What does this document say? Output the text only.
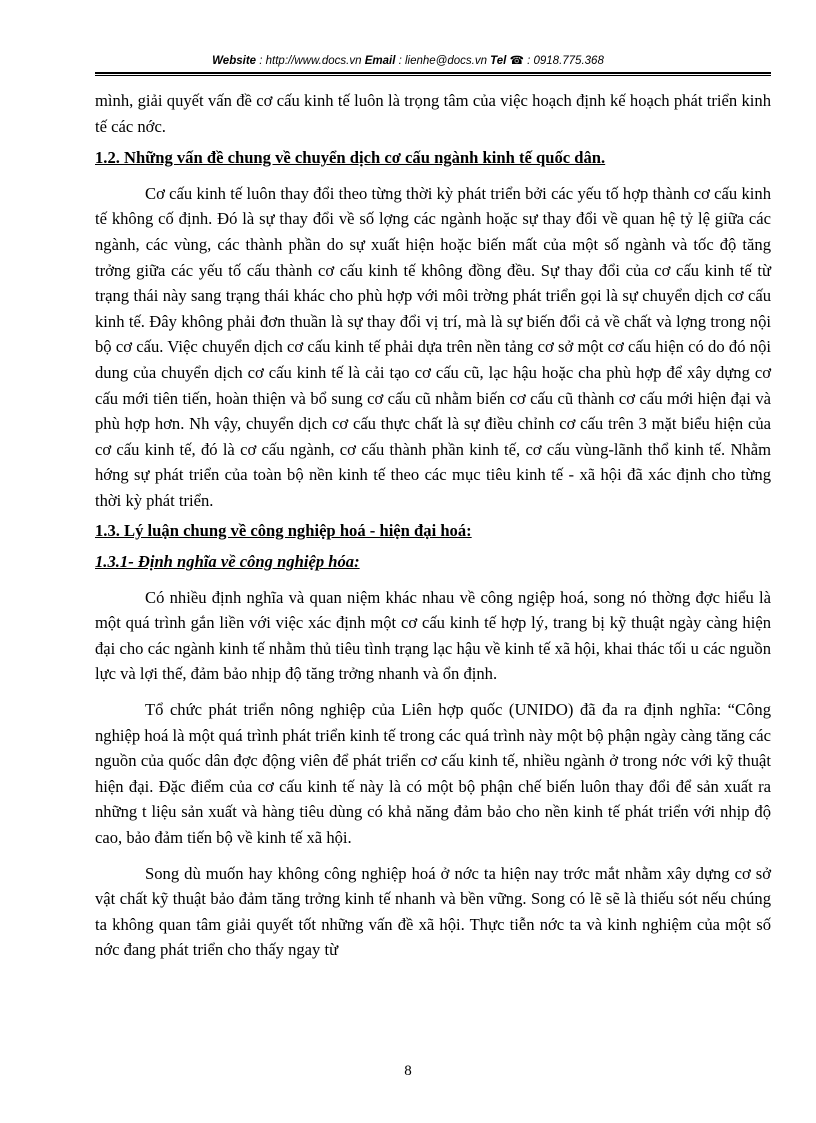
Website : http://www.docs.vn Email : lienhe@docs.vn Tel ☎ : 0918.775.368

mình, giải quyết vấn đề cơ cấu kinh tế luôn là trọng tâm của việc hoạch định kế hoạch phát triển kinh tế các nớc.

1.2. Những vấn đề chung về chuyển dịch cơ cấu ngành kinh tế quốc dân.

Cơ cấu kinh tế luôn thay đổi theo từng thời kỳ phát triển bởi các yếu tố hợp thành cơ cấu kinh tế không cố định. Đó là sự thay đổi về số lợng các ngành hoặc sự thay đổi về quan hệ tỷ lệ giữa các ngành, các vùng, các thành phần do sự xuất hiện hoặc biến mất của một số ngành và tốc độ tăng trởng giữa các yếu tố cấu thành cơ cấu kinh tế không đồng đều. Sự thay đổi của cơ cấu kinh tế từ trạng thái này sang trạng thái khác cho phù hợp với môi trờng phát triển gọi là sự chuyển dịch cơ cấu kinh tế. Đây không phải đơn thuần là sự thay đổi vị trí, mà là sự biến đổi cả về chất và lợng trong nội bộ cơ cấu. Việc chuyển dịch cơ cấu kinh tế phải dựa trên nền tảng cơ sở một cơ cấu hiện có do đó nội dung của chuyển dịch cơ cấu kinh tế là cải tạo cơ cấu cũ, lạc hậu hoặc cha phù hợp để xây dựng cơ cấu mới tiên tiến, hoàn thiện và bổ sung cơ cấu cũ nhằm biến cơ cấu cũ thành cơ cấu mới hiện đại và phù hợp hơn. Nh vậy, chuyển dịch cơ cấu thực chất là sự điều chỉnh cơ cấu trên 3 mặt biểu hiện của cơ cấu kinh tế, đó là cơ cấu ngành, cơ cấu thành phần kinh tế, cơ cấu vùng-lãnh thổ kinh tế. Nhằm hớng sự phát triển của toàn bộ nền kinh tế theo các mục tiêu kinh tế - xã hội đã xác định cho từng thời kỳ phát triển.

1.3. Lý luận chung về công nghiệp hoá - hiện đại hoá:

1.3.1- Định nghĩa về công nghiệp hóa:

Có nhiều định nghĩa và quan niệm khác nhau về công ngiệp hoá, song nó thờng đợc hiểu là một quá trình gắn liền với việc xác định một cơ cấu kinh tế hợp lý, trang bị kỹ thuật ngày càng hiện đại cho các ngành kinh tế nhằm thủ tiêu tình trạng lạc hậu về kinh tế xã hội, khai thác tối u các nguồn lực và lợi thế, đảm bảo nhịp độ tăng trởng nhanh và ổn định.

Tổ chức phát triển nông nghiệp của Liên hợp quốc (UNIDO) đã đa ra định nghĩa: “Công nghiệp hoá là một quá trình phát triển kinh tế trong các quá trình này một bộ phận ngày càng tăng các nguồn của quốc dân đợc động viên để phát triển cơ cấu kinh tế, nhiều ngành ở trong nớc với kỹ thuật hiện đại. Đặc điểm của cơ cấu kinh tế này là có một bộ phận chế biến luôn thay đổi để sản xuất ra những t liệu sản xuất và hàng tiêu dùng có khả năng đảm bảo cho nền kinh tế phát triển với nhịp độ cao, bảo đảm tiến bộ về kinh tế xã hội.

Song dù muốn hay không công nghiệp hoá ở nớc ta hiện nay trớc mắt nhằm xây dựng cơ sở vật chất kỹ thuật bảo đảm tăng trởng kinh tế nhanh và bền vững. Song có lẽ sẽ là thiếu sót nếu chúng ta không quan tâm giải quyết tốt những vấn đề xã hội. Thực tiễn nớc ta và kinh nghiệm của một số nớc đang phát triển cho thấy ngay từ

8
